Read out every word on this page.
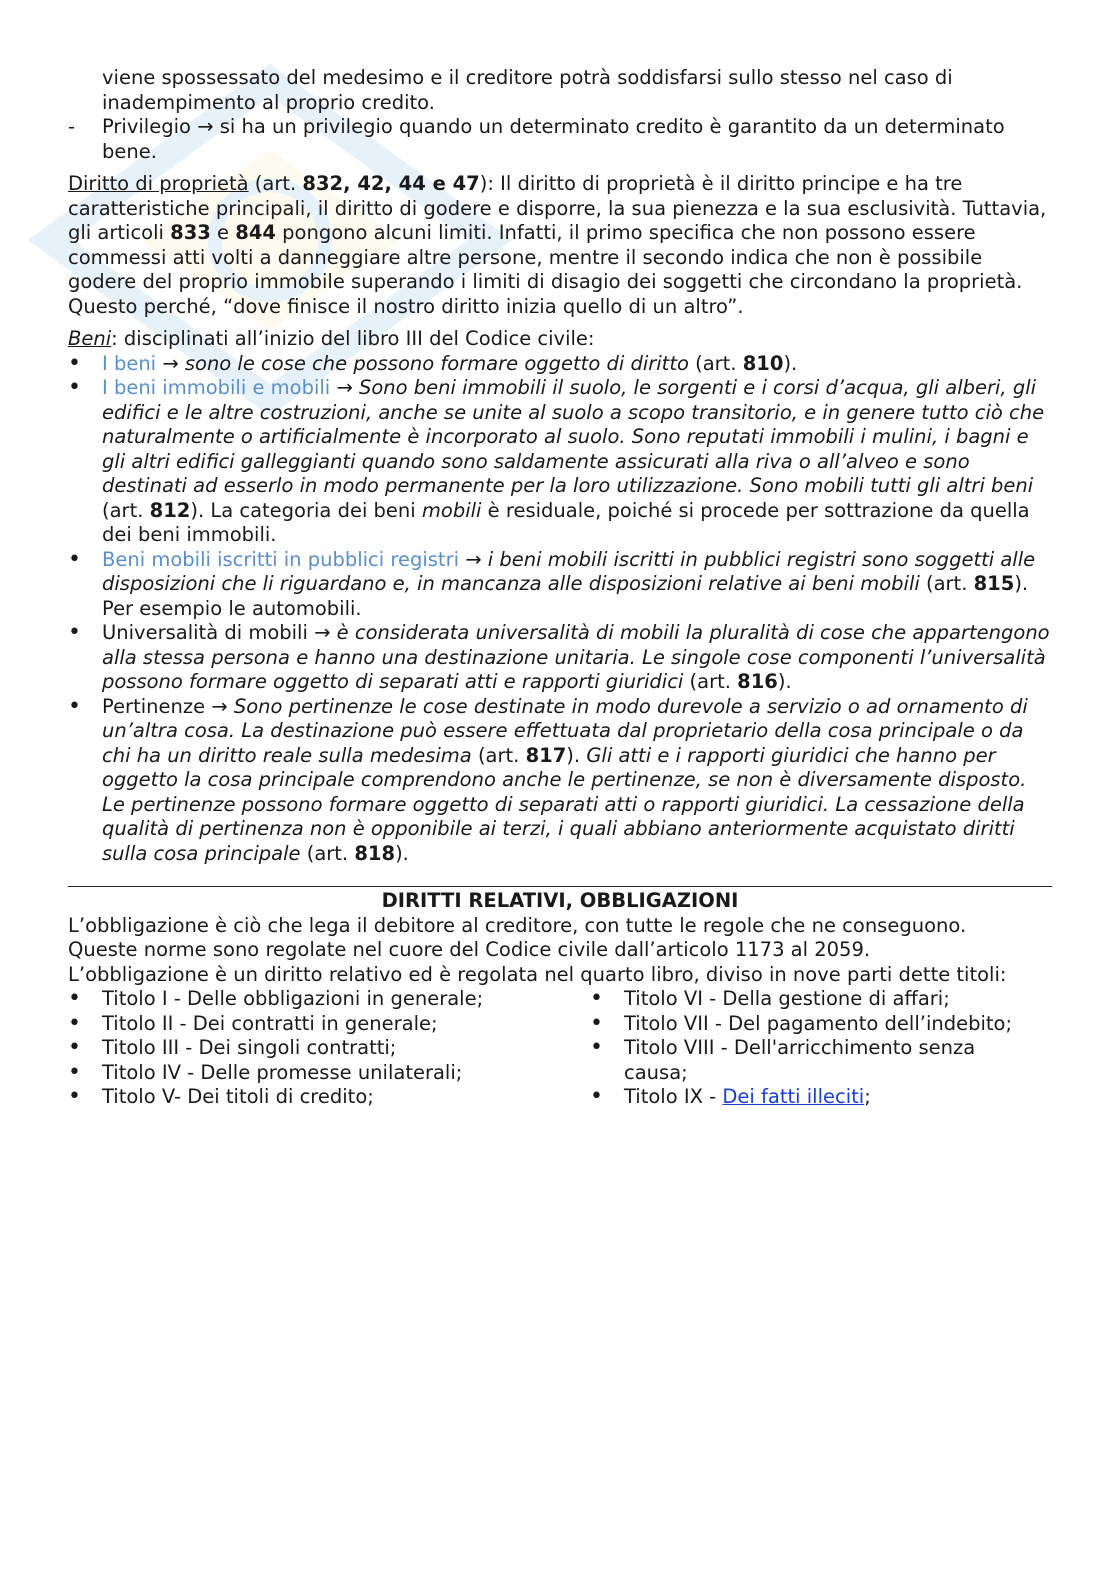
viene spossessato del medesimo e il creditore potrà soddisfarsi sullo stesso nel caso di
inadempimento al proprio credito.

- Privilegio → si ha un privilegio quando un determinato credito è garantito da un determinato bene.

Diritto di proprietà (art. 832, 42, 44 e 47): Il diritto di proprietà è il diritto principe e ha tre caratteristiche principali, il diritto di godere e disporre, la sua pienezza e la sua esclusività. Tuttavia, gli articoli 833 e 844 pongono alcuni limiti. Infatti, il primo specifica che non possono essere commessi atti volti a danneggiare altre persone, mentre il secondo indica che non è possibile godere del proprio immobile superando i limiti di disagio dei soggetti che circondano la proprietà. Questo perché, “dove finisce il nostro diritto inizia quello di un altro”.

Beni: disciplinati all’inizio del libro III del Codice civile:

• I beni → sono le cose che possono formare oggetto di diritto (art. 810).
• I beni immobili e mobili → Sono beni immobili il suolo, le sorgenti e i corsi d’acqua, gli alberi, gli edifici e le altre costruzioni, anche se unite al suolo a scopo transitorio, e in genere tutto ciò che naturalmente o artificialmente è incorporato al suolo. Sono reputati immobili i mulini, i bagni e gli altri edifici galleggianti quando sono saldamente assicurati alla riva o all’alveo e sono destinati ad esserlo in modo permanente per la loro utilizzazione. Sono mobili tutti gli altri beni (art. 812). La categoria dei beni mobili è residuale, poiché si procede per sottrazione da quella dei beni immobili.
• Beni mobili iscritti in pubblici registri → i beni mobili iscritti in pubblici registri sono soggetti alle disposizioni che li riguardano e, in mancanza alle disposizioni relative ai beni mobili (art. 815). Per esempio le automobili.
• Universalità di mobili → è considerata universalità di mobili la pluralità di cose che appartengono alla stessa persona e hanno una destinazione unitaria. Le singole cose componenti l’universalità possono formare oggetto di separati atti e rapporti giuridici (art. 816).
• Pertinenze → Sono pertinenze le cose destinate in modo durevole a servizio o ad ornamento di un’altra cosa. La destinazione può essere effettuata dal proprietario della cosa principale o da chi ha un diritto reale sulla medesima (art. 817). Gli atti e i rapporti giuridici che hanno per oggetto la cosa principale comprendono anche le pertinenze, se non è diversamente disposto. Le pertinenze possono formare oggetto di separati atti o rapporti giuridici. La cessazione della qualità di pertinenza non è opponibile ai terzi, i quali abbiano anteriormente acquistato diritti sulla cosa principale (art. 818).

DIRITTI RELATIVI, OBBLIGAZIONI

L’obbligazione è ciò che lega il debitore al creditore, con tutte le regole che ne conseguono.

Queste norme sono regolate nel cuore del Codice civile dall’articolo 1173 al 2059.

L’obbligazione è un diritto relativo ed è regolata nel quarto libro, diviso in nove parti dette titoli:

• Titolo I - Delle obbligazioni in generale;
• Titolo II - Dei contratti in generale;
• Titolo III - Dei singoli contratti;
• Titolo IV - Delle promesse unilaterali;
• Titolo V- Dei titoli di credito;
• Titolo VI - Della gestione di affari;
• Titolo VII - Del pagamento dell’indebito;
• Titolo VIII - Dell'arricchimento senza causa;
• Titolo IX - Dei fatti illeciti;
